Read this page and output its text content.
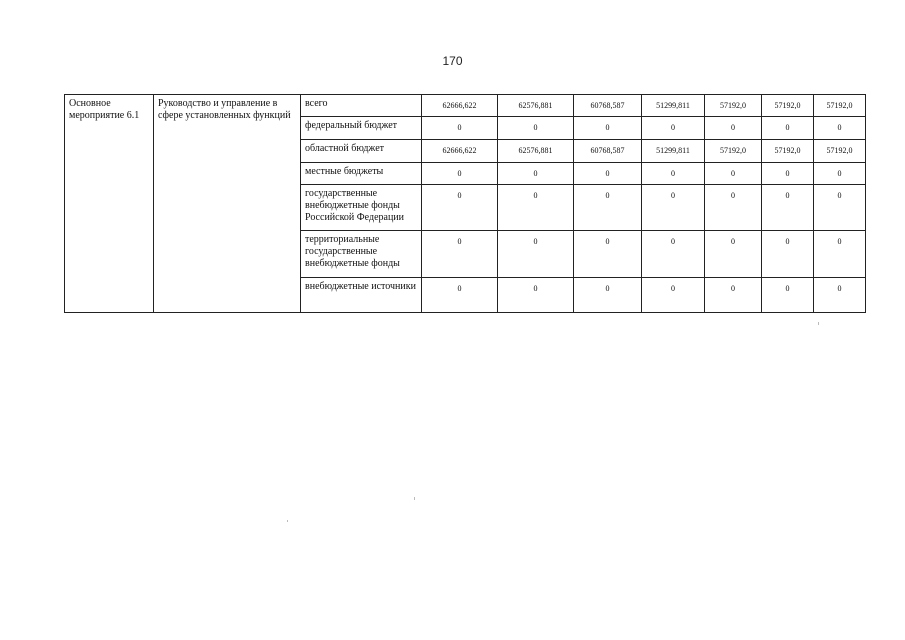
170
Основное мероприятие 6.1	Руководство и управление в сфере установленных функций	всего	62666,622	62576,881	60768,587	51299,811	57192,0	57192,0	57192,0
		федеральный бюджет	0	0	0	0	0	0	0
		областной бюджет	62666,622	62576,881	60768,587	51299,811	57192,0	57192,0	57192,0
		местные бюджеты	0	0	0	0	0	0	0
		государственные внебюджетные фонды Российской Федерации	0	0	0	0	0	0	0
		территориальные государственные внебюджетные фонды	0	0	0	0	0	0	0
		внебюджетные источники	0	0	0	0	0	0	0
